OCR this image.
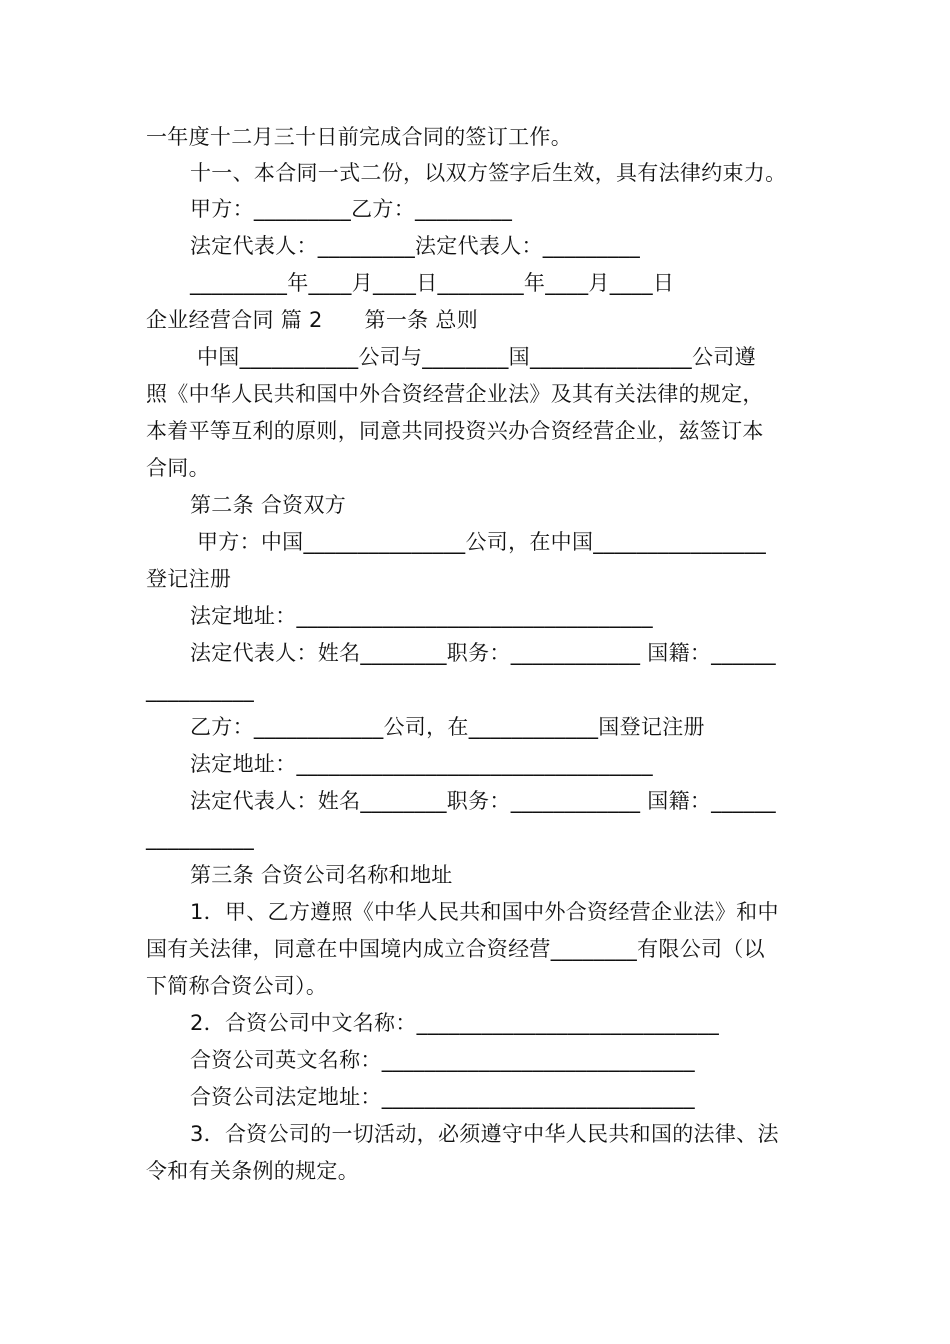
一年度十二月三十日前完成合同的签订工作。
十一、本合同一式二份，以双方签字后生效，具有法律约束力。
甲方：_________乙方：_________
法定代表人：_________法定代表人：_________
_________年____月____日________年____月____日
企业经营合同 篇 2      第一条 总则
中国___________公司与________国_______________公司遵
照《中华人民共和国中外合资经营企业法》及其有关法律的规定，
本着平等互利的原则，同意共同投资兴办合资经营企业，兹签订本
合同。
第二条 合资双方
甲方：中国_______________公司，在中国________________
登记注册
法定地址：_________________________________
法定代表人：姓名________职务：____________ 国籍：______
__________
乙方：____________公司，在____________国登记注册
法定地址：_________________________________
法定代表人：姓名________职务：____________ 国籍：______
__________
第三条 合资公司名称和地址
1．甲、乙方遵照《中华人民共和国中外合资经营企业法》和中
国有关法律，同意在中国境内成立合资经营________有限公司（以
下简称合资公司）。
2．合资公司中文名称：____________________________
合资公司英文名称：_____________________________
合资公司法定地址：_____________________________
3．合资公司的一切活动，必须遵守中华人民共和国的法律、法
令和有关条例的规定。
